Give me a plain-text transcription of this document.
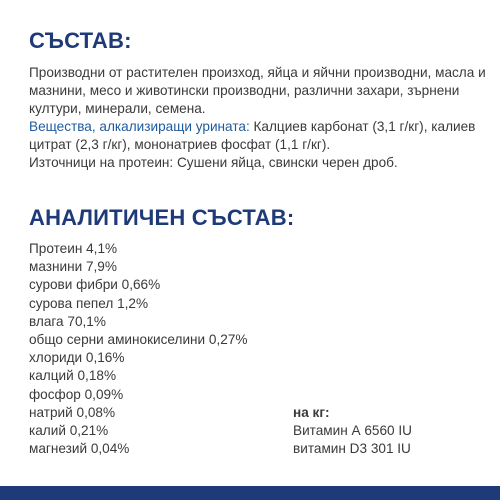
СЪСТАВ:

Производни от растителен произход, яйца и яйчни производни, масла и мазнини, месо и животински производни, различни захари, зърнени култури, минерали, семена.

Вещества, алкализиращи урината: Калциев карбонат (3,1 г/кг), калиев цитрат (2,3 г/кг), мононатриев фосфат (1,1 г/кг).

Източници на протеин: Сушени яйца, свински черен дроб.

АНАЛИТИЧЕН СЪСТАВ:
Протеин 4,1%
мазнини 7,9%
сурови фибри 0,66%
сурова пепел 1,2%
влага 70,1%
общо серни аминокиселини 0,27%
хлориди 0,16%
калций 0,18%
фосфор 0,09%
натрий 0,08%
калий 0,21%
магнезий 0,04%
на кг:
Витамин А 6560 IU
витамин D3 301 IU
